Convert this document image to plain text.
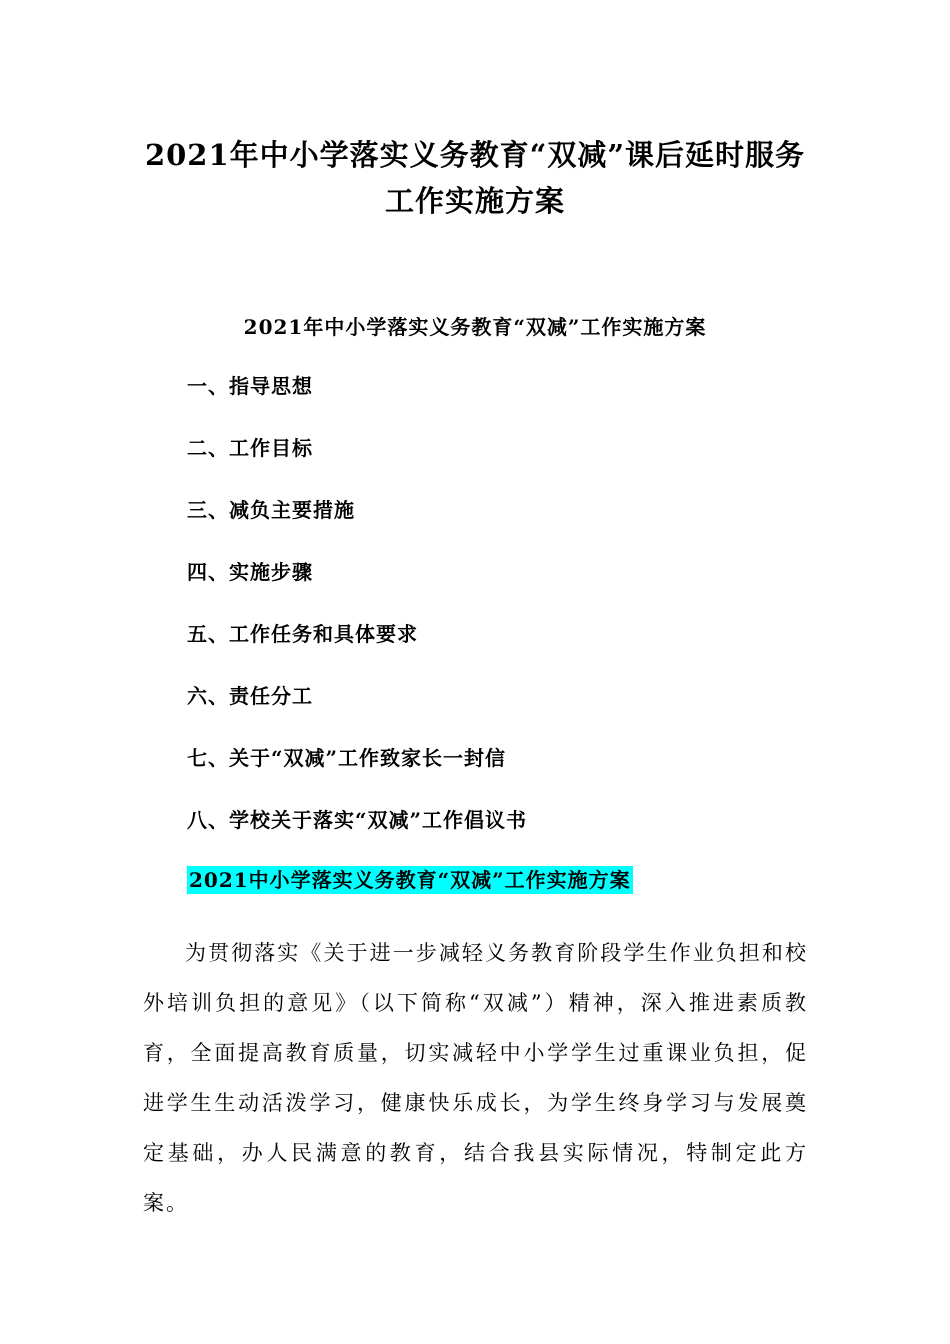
2021年中小学落实义务教育“双减”课后延时服务
工作实施方案
2021年中小学落实义务教育“双减”工作实施方案
一、指导思想
二、工作目标
三、减负主要措施
四、实施步骤
五、工作任务和具体要求
六、责任分工
七、关于“双减”工作致家长一封信
八、学校关于落实“双减”工作倡议书
2021中小学落实义务教育“双减”工作实施方案

为贯彻落实《关于进一步减轻义务教育阶段学生作业负担和校外培训负担的意见》（以下简称“双减”）精神，深入推进素质教育，全面提高教育质量，切实减轻中小学学生过重课业负担，促进学生生动活泼学习，健康快乐成长，为学生终身学习与发展奠定基础，办人民满意的教育，结合我县实际情况，特制定此方案。
